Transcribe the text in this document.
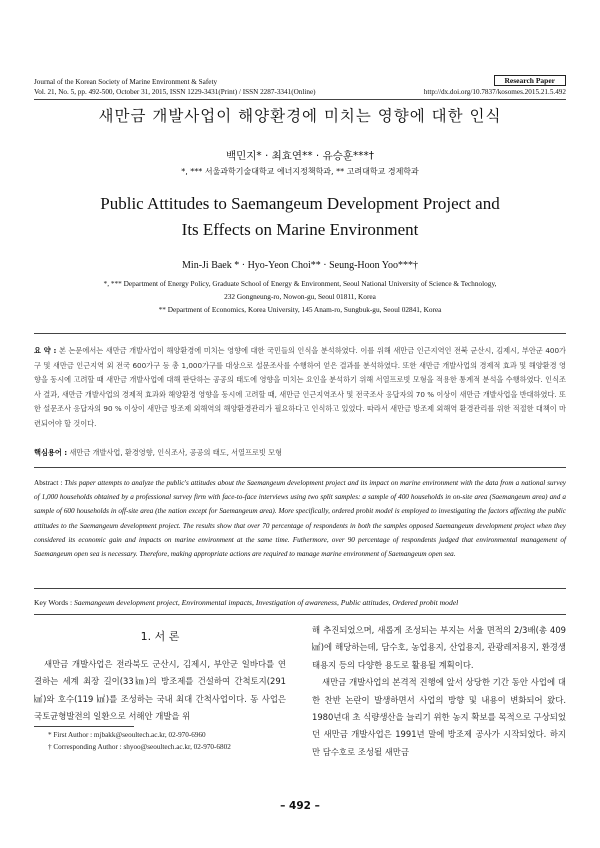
Journal of the Korean Society of Marine Environment & Safety	Research Paper
Vol. 21, No. 5, pp. 492-500, October 31, 2015, ISSN 1229-3431(Print) / ISSN 2287-3341(Online)	http://dx.doi.org/10.7837/kosomes.2015.21.5.492
새만금 개발사업이 해양환경에 미치는 영향에 대한 인식
백민지* · 최효연** · 유승훈***†
*, *** 서울과학기술대학교 에너지정책학과, ** 고려대학교 경제학과
Public Attitudes to Saemangeum Development Project and
Its Effects on Marine Environment
Min-Ji Baek * · Hyo-Yeon Choi** · Seung-Hoon Yoo***†
*, *** Department of Energy Policy, Graduate School of Energy & Environment, Seoul National University of Science & Technology,
232 Gongneung-ro, Nowon-gu, Seoul 01811, Korea
** Department of Economics, Korea University, 145 Anam-ro, Sungbuk-gu, Seoul 02841, Korea
요 약 : 본 논문에서는 새만금 개발사업이 해양환경에 미치는 영향에 대한 국민들의 인식을 분석하였다. 이를 위해 새만금 인근지역인 전북 군산시, 김제시, 부안군 400가구 및 새만금 인근지역 외 전국 600가구 등 총 1,000가구를 대상으로 설문조사를 수행하여 얻은 결과를 분석하였다. 또한 새만금 개발사업의 경제적 효과 및 해양환경 영향을 동시에 고려할 때 새만금 개발사업에 대해 판단하는 공공의 태도에 영향을 미치는 요인을 분석하기 위해 서열프로빗 모형을 적용한 통계적 분석을 수행하였다. 인식조사 결과, 새만금 개발사업의 경제적 효과와 해양환경 영향을 동시에 고려할 때, 새만금 인근지역조사 및 전국조사 응답자의 70 % 이상이 새만금 개발사업을 반대하였다. 또한 설문조사 응답자의 90 % 이상이 새만금 방조제 외해역의 해양환경관리가 필요하다고 인식하고 있었다. 따라서 새만금 방조제 외해역 환경관리를 위한 적절한 대책이 마련되어야 할 것이다.
핵심용어 : 새만금 개발사업, 환경영향, 인식조사, 공공의 태도, 서열프로빗 모형
Abstract : This paper attempts to analyze the public's attitudes about the Saemangeum development project and its impact on marine environment with the data from a national survey of 1,000 households obtained by a professional survey firm with face-to-face interviews using two split samples: a sample of 400 households in on-site area (Saemangeum area) and a sample of 600 households in off-site area (the nation except for Saemangeum area). More specifically, ordered probit model is employed to investigating the factors affecting the public attitudes to the Saemangeum development project. The results show that over 70 percentage of respondents in both the samples opposed Saemangeum development project when they considered its economic gain and impacts on marine environment at the same time. Futhermore, over 90 percentage of respondents judged that environmental management of Saemangeum open sea is necessary. Therefore, making appropriate actions are required to manage marine environment of Saemangeum open sea.
Key Words : Saemangeum development project, Environmental impacts, Investigation of awareness, Public attitudes, Ordered probit model
1. 서 론

새만금 개발사업은 전라북도 군산시, 김제시, 부안군 일바다를 연결하는 세계 최장 길이(33㎞)의 방조제를 건설하여 간척토지(291 ㎢)와 호수(119 ㎢)를 조성하는 국내 최대 간척사업이다. 동 사업은 국토균형발전의 일환으로 서해안 개발을 위

해 추진되었으며, 새롭게 조성되는 부지는 서울 면적의 2/3배(총 409 ㎢)에 해당하는데, 담수호, 농업용지, 산업용지, 관광레저용지, 환경생태용지 등의 다양한 용도로 활용될 계획이다.

새만금 개발사업의 본격적 진행에 앞서 상당한 기간 동안 사업에 대한 찬반 논란이 발생하면서 사업의 방향 및 내용이 변화되어 왔다. 1980년대 초 식량생산을 늘리기 위한 농지 확보를 목적으로 구상되었던 새만금 개발사업은 1991년 말에 방조제 공사가 시작되었다. 하지만 담수호로 조성될 새만금

* First Author : mjbakk@seoultech.ac.kr, 02-970-6960
† Corresponding Author : shyoo@seoultech.ac.kr, 02-970-6802
– 492 –
